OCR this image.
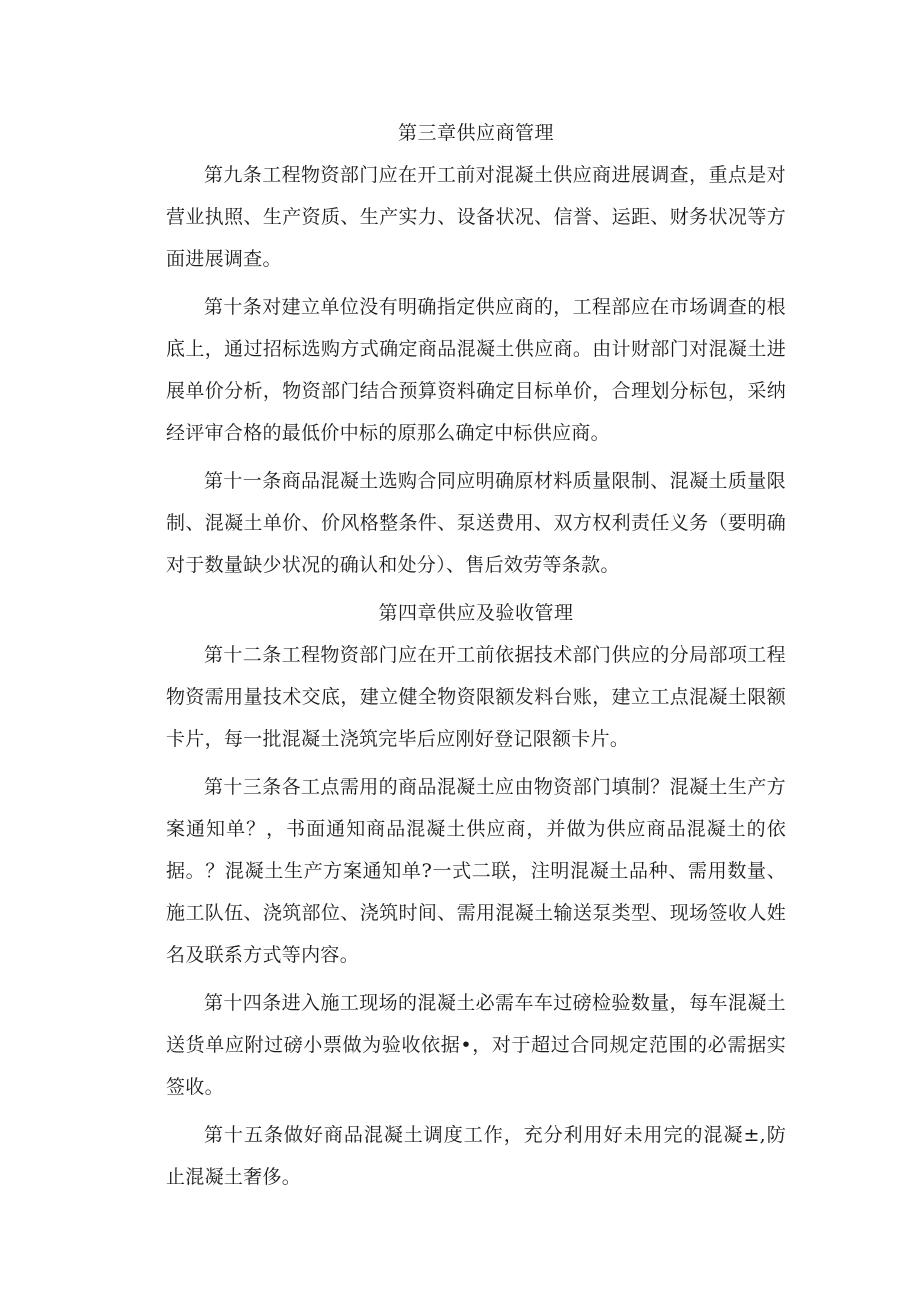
第三章供应商管理

第九条工程物资部门应在开工前对混凝土供应商进展调查，重点是对营业执照、生产资质、生产实力、设备状况、信誉、运距、财务状况等方面进展调查。

第十条对建立单位没有明确指定供应商的，工程部应在市场调查的根底上，通过招标选购方式确定商品混凝土供应商。由计财部门对混凝土进展单价分析，物资部门结合预算资料确定目标单价，合理划分标包，采纳经评审合格的最低价中标的原那么确定中标供应商。

第十一条商品混凝土选购合同应明确原材料质量限制、混凝土质量限制、混凝土单价、价风格整条件、泵送费用、双方权利责任义务（要明确对于数量缺少状况的确认和处分）、售后效劳等条款。

第四章供应及验收管理

第十二条工程物资部门应在开工前依据技术部门供应的分局部项工程物资需用量技术交底，建立健全物资限额发料台账，建立工点混凝土限额卡片，每一批混凝土浇筑完毕后应刚好登记限额卡片。

第十三条各工点需用的商品混凝土应由物资部门填制？混凝土生产方案通知单？，书面通知商品混凝土供应商，并做为供应商品混凝土的依据。？混凝土生产方案通知单?一式二联，注明混凝土品种、需用数量、施工队伍、浇筑部位、浇筑时间、需用混凝土输送泵类型、现场签收人姓名及联系方式等内容。

第十四条进入施工现场的混凝土必需车车过磅检验数量，每车混凝土送货单应附过磅小票做为验收依据•，对于超过合同规定范围的必需据实签收。

第十五条做好商品混凝土调度工作，充分利用好未用完的混凝±,防止混凝土奢侈。
